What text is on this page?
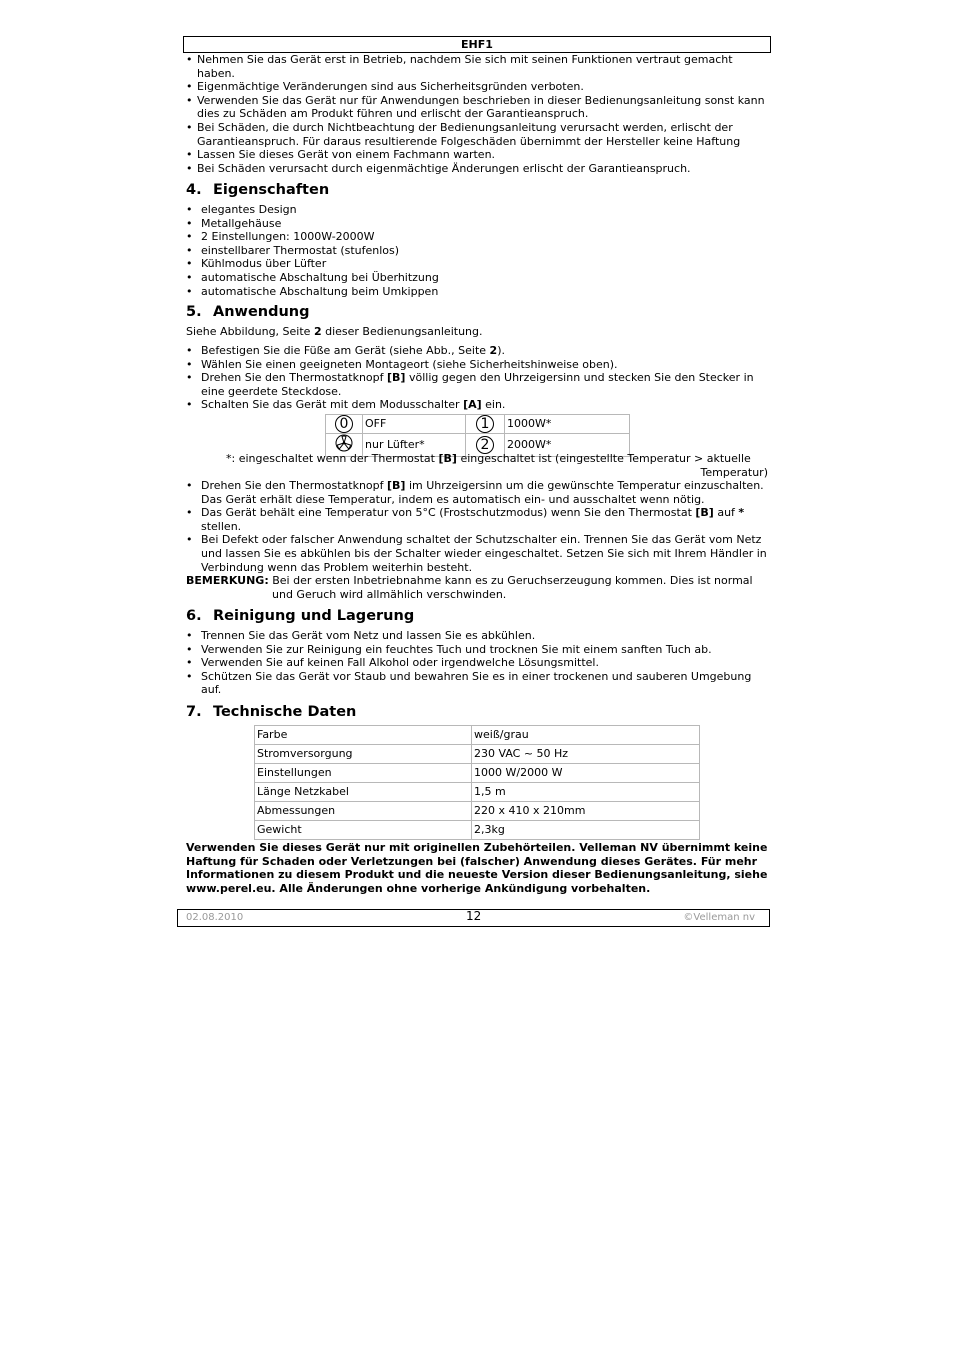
EHF1
• Nehmen Sie das Gerät erst in Betrieb, nachdem Sie sich mit seinen Funktionen vertraut gemacht haben.
• Eigenmächtige Veränderungen sind aus Sicherheitsgründen verboten.
• Verwenden Sie das Gerät nur für Anwendungen beschrieben in dieser Bedienungsanleitung sonst kann dies zu Schäden am Produkt führen und erlischt der Garantieanspruch.
• Bei Schäden, die durch Nichtbeachtung der Bedienungsanleitung verursacht werden, erlischt der Garantieanspruch. Für daraus resultierende Folgeschäden übernimmt der Hersteller keine Haftung
• Lassen Sie dieses Gerät von einem Fachmann warten.
• Bei Schäden verursacht durch eigenmächtige Änderungen erlischt der Garantieanspruch.
4. Eigenschaften
• elegantes Design
• Metallgehäuse
• 2 Einstellungen: 1000W-2000W
• einstellbarer Thermostat (stufenlos)
• Kühlmodus über Lüfter
• automatische Abschaltung bei Überhitzung
• automatische Abschaltung beim Umkippen
5. Anwendung

Siehe Abbildung, Seite 2 dieser Bedienungsanleitung.

• Befestigen Sie die Füße am Gerät (siehe Abb., Seite 2).
• Wählen Sie einen geeigneten Montageort (siehe Sicherheitshinweise oben).
• Drehen Sie den Thermostatknopf [B] völlig gegen den Uhrzeigersinn und stecken Sie den Stecker in eine geerdete Steckdose.
• Schalten Sie das Gerät mit dem Modusschalter [A] ein.
0	OFF	1	1000W*
	nur Lüfter*	2	2000W*

*: eingeschaltet wenn der Thermostat [B] eingeschaltet ist (eingestellte Temperatur > aktuelle

Temperatur)

• Drehen Sie den Thermostatknopf [B] im Uhrzeigersinn um die gewünschte Temperatur einzuschalten. Das Gerät erhält diese Temperatur, indem es automatisch ein- und ausschaltet wenn nötig.
• Das Gerät behält eine Temperatur von 5°C (Frostschutzmodus) wenn Sie den Thermostat [B] auf * stellen.
• Bei Defekt oder falscher Anwendung schaltet der Schutzschalter ein. Trennen Sie das Gerät vom Netz und lassen Sie es abkühlen bis der Schalter wieder eingeschaltet. Setzen Sie sich mit Ihrem Händler in Verbindung wenn das Problem weiterhin besteht.

BEMERKUNG: Bei der ersten Inbetriebnahme kann es zu Geruchserzeugung kommen. Dies ist normal

und Geruch wird allmählich verschwinden.

6. Reinigung und Lagerung
• Trennen Sie das Gerät vom Netz und lassen Sie es abkühlen.
• Verwenden Sie zur Reinigung ein feuchtes Tuch und trocknen Sie mit einem sanften Tuch ab.
• Verwenden Sie auf keinen Fall Alkohol oder irgendwelche Lösungsmittel.
• Schützen Sie das Gerät vor Staub und bewahren Sie es in einer trockenen und sauberen Umgebung auf.
7. Technische Daten
Farbe	weiß/grau
Stromversorgung	230 VAC ~ 50 Hz
Einstellungen	1000 W/2000 W
Länge Netzkabel	1,5 m
Abmessungen	220 x 410 x 210mm
Gewicht	2,3kg

Verwenden Sie dieses Gerät nur mit originellen Zubehörteilen. Velleman NV übernimmt keine Haftung für Schaden oder Verletzungen bei (falscher) Anwendung dieses Gerätes. Für mehr Informationen zu diesem Produkt und die neueste Version dieser Bedienungsanleitung, siehe www.perel.eu. Alle Änderungen ohne vorherige Ankündigung vorbehalten.

02.08.2010	12	©Velleman nv
